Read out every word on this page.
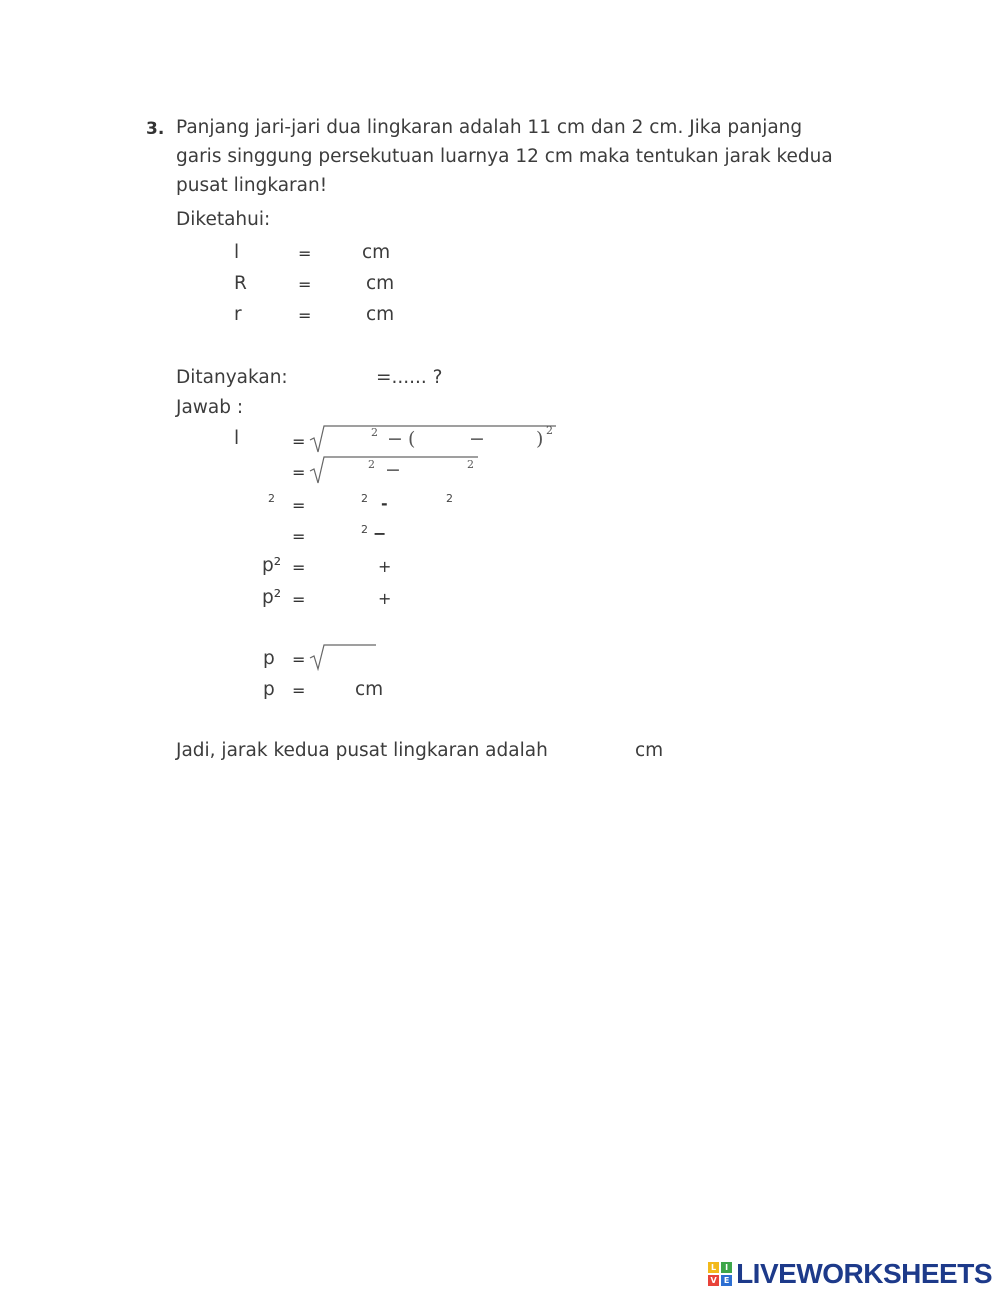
3. Panjang jari-jari dua lingkaran adalah 11 cm dan 2 cm. Jika panjang
garis singgung persekutuan luarnya 12 cm maka tentukan jarak kedua
pusat lingkaran!
Diketahui:
l	=	cm
R	=	cm
r	=	cm
Ditanyakan:	=...... ?
Jawab :
l	=	2 − (	−	) 2
=	2 −	2
2 =	2 -	2
=	2 −
p² =	+
p² =	+
p =
p =	cm
Jadi, jarak kedua pusat lingkaran adalah	cm
L	I
V E LIVEWORKSHEETS
